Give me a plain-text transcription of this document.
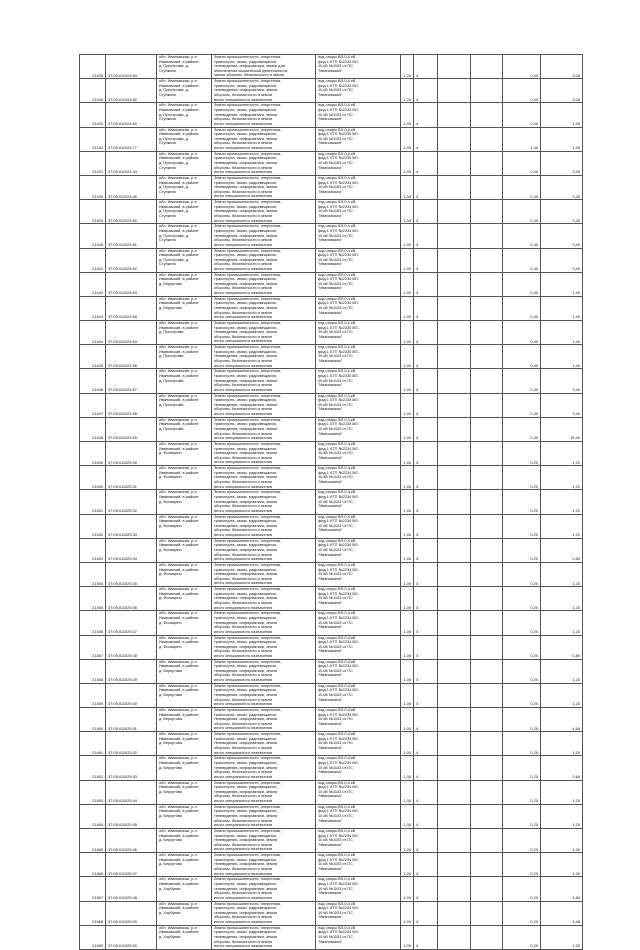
21435	37:05:011024:84	обл. Ивановская, р-н
Ивановский, в районе
д. Пристрома, д.
Ступкино	Земли промышленности, энергетики,
транспорта, связи, радиовещания,
телевидения, информатики, земли для
обеспечения космической деятельности,
земли обороны, безопасности и земли	под опоры ВЛ-0,4 кВ
фид.1 КТП №2234 ВЛ-
10 кВ №1103 от ПС
"Ивановская"	1,00	4			0,40	3,40
21434	37:05:011024:82	обл. Ивановская, р-н
Ивановский, в районе
д. Пристрома, д.
Ступкино	Земли промышленности, энергетики,
транспорта, связи, радиовещания,
телевидения, информатики, земли
обороны, безопасности и земли
иного специального назначения	под опоры ВЛ-0,4 кВ
фид.1 КТП №2234 ВЛ-
10 кВ №1103 от ПС
"Ивановская"	1,00	4			0,40	3,40
21433	37:05:011024:80	обл. Ивановская, р-н
Ивановский, в районе
д. Пристрома, д.
Ступкино	Земли промышленности, энергетики,
транспорта, связи, радиовещания,
телевидения, информатики, земли
обороны, безопасности и земли
иного специального назначения	под опоры ВЛ-0,4 кВ
фид.1 КТП №2234 ВЛ-
10 кВ №1103 от ПС
"Ивановская"	1,00	4			0,40	1,40
21432	37:05:011024:77	обл. Ивановская, р-н
Ивановский, в районе
д. Пристрома, д.
Ступкино	Земли промышленности, энергетики,
транспорта, связи, радиовещания,
телевидения, информатики, земли
обороны, безопасности и земли
иного специального назначения	под опоры ВЛ-0,4 кВ
фид.1 КТП №2234 ВЛ-
10 кВ №1103 от ПС
"Ивановская"	1,00	4			1,40	1,40
21431	37:05:011024:44	обл. Ивановская, р-н
Ивановский, в районе
д. Пристрома, д.
Ступкино	Земли промышленности, энергетики,
транспорта, связи, радиовещания,
телевидения, информатики, земли
обороны, безопасности и земли
иного специального назначения	под опоры ВЛ-0,4 кВ
фид.1 КТП №2234 ВЛ-
10 кВ №1103 от ПС
"Ивановская"	1,00	4			0,40	3,40
21430	37:05:011024:46	обл. Ивановская, р-н
Ивановский, в районе
д. Пристрома, д.
Ступкино	Земли промышленности, энергетики,
транспорта, связи, радиовещания,
телевидения, информатики, земли
обороны, безопасности и земли
иного специального назначения	под опоры ВЛ-0,4 кВ
фид.1 КТП №2234 ВЛ-
10 кВ №1103 от ПС
"Ивановская"	1,00	4			2,40	3,40
21429	37:05:011024:50	обл. Ивановская, р-н
Ивановский, в районе
д. Пристрома, д.
Ступкино	Земли промышленности, энергетики,
транспорта, связи, радиовещания,
телевидения, информатики, земли
обороны, безопасности и земли
иного специального назначения	под опоры ВЛ-0,4 кВ
фид.1 КТП №2234 ВЛ-
10 кВ №1103 от ПС
"Ивановская"	1,00	4			2,40	3,40
21440	37:05:011024:51	обл. Ивановская, р-н
Ивановский, в районе
д. Пристрома, д.
Ступкино	Земли промышленности, энергетики,
транспорта, связи, радиовещания,
телевидения, информатики, земли
обороны, безопасности и земли
иного специального назначения	под опоры ВЛ-0,4 кВ
фид.1 КТП №2234 ВЛ-
10 кВ №1103 от ПС
"Ивановская"	1,00	4			2,40	3,40
21441	37:05:011024:52	обл. Ивановская, р-н
Ивановский, в районе
д. Пристрома, д.
Ступкино	Земли промышленности, энергетики,
транспорта, связи, радиовещания,
телевидения, информатики, земли
обороны, безопасности и земли
иного специального назначения	под опоры ВЛ-0,4 кВ
фид.1 КТП №2234 ВЛ-
10 кВ №1103 от ПС
"Ивановская"	1,00	4			2,40	3,40
21442	37:05:011024:53	обл. Ивановская, р-н
Ивановский, в районе
д. Беркутово	Земли промышленности, энергетики,
транспорта, связи, радиовещания,
телевидения, информатики, земли
обороны, безопасности и земли
иного специального назначения	под опоры ВЛ-0,4 кВ
фид.1 КТП №2234 ВЛ-
10 кВ №1103 от ПС
"Ивановская"	1,00	4			0,40	1,40
21443	37:05:011024:58	обл. Ивановская, р-н
Ивановский, в районе
д. Беркутово	Земли промышленности, энергетики,
транспорта, связи, радиовещания,
телевидения, информатики, земли
обороны, безопасности и земли
иного специального назначения	под опоры ВЛ-0,4 кВ
фид.1 КТП №2234 ВЛ-
10 кВ №1103 от ПС
"Ивановская"	1,00	4			0,40	1,40
21444	37:05:011024:54	обл. Ивановская, р-н
Ивановский, в районе
д. Пристрома	Земли промышленности, энергетики,
транспорта, связи, радиовещания,
телевидения, информатики, земли
обороны, безопасности и земли
иного специального назначения	под опоры ВЛ-0,4 кВ
фид.1 КТП №2234 ВЛ-
10 кВ №1103 от ПС
"Ивановская"	1,00	4			0,40	1,40
21445	37:05:011024:56	обл. Ивановская, р-н
Ивановский, в районе
д. Пристрома	Земли промышленности, энергетики,
транспорта, связи, радиовещания,
телевидения, информатики, земли
обороны, безопасности и земли
иного специального назначения	под опоры ВЛ-0,4 кВ
фид.1 КТП №2234 ВЛ-
10 кВ №1103 от ПС
"Ивановская"	1,00	4			0,40	1,40
21446	37:05:011024:57	обл. Ивановская, р-н
Ивановский, в районе
д. Пристрома	Земли промышленности, энергетики,
транспорта, связи, радиовещания,
телевидения, информатики, земли
обороны, безопасности и земли
иного специального назначения	под опоры ВЛ-0,4 кВ
фид.1 КТП №2234 ВЛ-
10 кВ №1103 от ПС
"Ивановская"	1,00	4			2,40	3,40
21447	37:05:011024:58	обл. Ивановская, р-н
Ивановский, в районе
д. Пристрома	Земли промышленности, энергетики,
транспорта, связи, радиовещания,
телевидения, информатики, земли
обороны, безопасности и земли
иного специального назначения	под опоры ВЛ-0,4 кВ
фид.1 КТП №2234 ВЛ-
10 кВ №1103 от ПС
"Ивановская"	1,00	4			2,40	3,40
21448	37:05:011024:59	обл. Ивановская, р-н
Ивановский, в районе
д. Пристрома	Земли промышленности, энергетики,
транспорта, связи, радиовещания,
телевидения, информатики, земли
обороны, безопасности и земли
иного специального назначения	под опоры ВЛ-0,4 кВ
фид.1 КТП №2234 ВЛ-
10 кВ №1103 от ПС
"Ивановская"	1,00	4			2,40	15,40
21449	37:05:011025:30	обл. Ивановская, р-н
Ивановский, в районе
д. Филицино	Земли промышленности, энергетики,
транспорта, связи, радиовещания,
телевидения, информатики, земли
обороны, безопасности и земли
иного специального назначения	под опоры ВЛ-0,4 кВ
фид.1 КТП №2234 ВЛ-
10 кВ №1103 от ПС
"Ивановская"	1,00	4			0,20	1,20
21450	37:05:011025:31	обл. Ивановская, р-н
Ивановский, в районе
д. Филицино	Земли промышленности, энергетики,
транспорта, связи, радиовещания,
телевидения, информатики, земли
обороны, безопасности и земли
иного специального назначения	под опоры ВЛ-0,4 кВ
фид.1 КТП №2234 ВЛ-
10 кВ №1103 от ПС
"Ивановская"	1,00	4			0,20	1,20
21451	37:05:011025:32	обл. Ивановская, р-н
Ивановский, в районе
д. Филицино	Земли промышленности, энергетики,
транспорта, связи, радиовещания,
телевидения, информатики, земли
обороны, безопасности и земли
иного специального назначения	под опоры ВЛ-0,4 кВ
фид.1 КТП №2234 ВЛ-
10 кВ №1103 от ПС
"Ивановская"	1,00	4			0,20	1,20
21452	37:05:011025:33	обл. Ивановская, р-н
Ивановский, в районе
д. Филицино	Земли промышленности, энергетики,
транспорта, связи, радиовещания,
телевидения, информатики, земли
обороны, безопасности и земли
иного специального назначения	под опоры ВЛ-0,4 кВ
фид.1 КТП №2234 ВЛ-
10 кВ №1103 от ПС
"Ивановская"	1,00	4			0,20	1,20
21453	37:05:011025:34	обл. Ивановская, р-н
Ивановский, в районе
д. Филицино	Земли промышленности, энергетики,
транспорта, связи, радиовещания,
телевидения, информатики, земли
обороны, безопасности и земли
иного специального назначения	под опоры ВЛ-0,4 кВ
фид.1 КТП №2234 ВЛ-
10 кВ №1103 от ПС
"Ивановская"	1,00	4			0,20	0,84
21454	37:05:011025:35	обл. Ивановская, р-н
Ивановский, в районе
д. Филицино	Земли промышленности, энергетики,
транспорта, связи, радиовещания,
телевидения, информатики, земли
обороны, безопасности и земли
иного специального назначения	под опоры ВЛ-0,4 кВ
фид.1 КТП №2234 ВЛ-
10 кВ №1103 от ПС
"Ивановская"	1,00	4			0,20	1,20
21455	37:05:011025:36	обл. Ивановская, р-н
Ивановский, в районе
д. Филицино	Земли промышленности, энергетики,
транспорта, связи, радиовещания,
телевидения, информатики, земли
обороны, безопасности и земли
иного специального назначения	под опоры ВЛ-0,4 кВ
фид.1 КТП №2234 ВЛ-
10 кВ №1103 от ПС
"Ивановская"	1,00	4			0,20	1,20
21456	37:05:011025:37	обл. Ивановская, р-н
Ивановский, в районе
д. Филицино	Земли промышленности, энергетики,
транспорта, связи, радиовещания,
телевидения, информатики, земли
обороны, безопасности и земли
иного специального назначения	под опоры ВЛ-0,4 кВ
фид.1 КТП №2234 ВЛ-
10 кВ №1103 от ПС
"Ивановская"	1,00	4			0,20	1,20
21457	37:05:011025:38	обл. Ивановская, р-н
Ивановский, в районе
д. Филицино	Земли промышленности, энергетики,
транспорта, связи, радиовещания,
телевидения, информатики, земли
обороны, безопасности и земли
иного специального назначения	под опоры ВЛ-0,4 кВ
фид.1 КТП №2234 ВЛ-
10 кВ №1103 от ПС
"Ивановская"	1,00	4			0,20	0,80
21458	37:05:011025:39	обл. Ивановская, р-н
Ивановский, в районе
д. Беркутово	Земли промышленности, энергетики,
транспорта, связи, радиовещания,
телевидения, информатики, земли
обороны, безопасности и земли
иного специального назначения	под опоры ВЛ-0,4 кВ
фид.1 КТП №2234 ВЛ-
10 кВ №1103 от ПС
"Ивановская"	1,00	4			0,20	1,20
21459	37:05:011025:40	обл. Ивановская, р-н
Ивановский, в районе
д. Беркутово	Земли промышленности, энергетики,
транспорта, связи, радиовещания,
телевидения, информатики, земли
обороны, безопасности и земли
иного специального назначения	под опоры ВЛ-0,4 кВ
фид.1 КТП №2234 ВЛ-
10 кВ №1103 от ПС
"Ивановская"	1,00	4			0,20	1,20
21460	37:05:011025:41	обл. Ивановская, р-н
Ивановский, в районе
д. Беркутово	Земли промышленности, энергетики,
транспорта, связи, радиовещания,
телевидения, информатики, земли
обороны, безопасности и земли
иного специального назначения	под опоры ВЛ-0,4 кВ
фид.1 КТП №2234 ВЛ-
10 кВ №1103 от ПС
"Ивановская"	1,00	4			0,20	4,64
21461	37:05:011025:42	обл. Ивановская, р-н
Ивановский, в районе
д. Беркутово	Земли промышленности, энергетики,
транспорта, связи, радиовещания,
телевидения, информатики, земли
обороны, безопасности и земли
иного специального назначения	под опоры ВЛ-0,4 кВ
фид.1 КТП №2234 ВЛ-
10 кВ №1103 от ПС
"Ивановская"	1,00	4			0,20	1,20
21462	37:05:011025:43	обл. Ивановская, р-н
Ивановский, в районе
д. Беркутово	Земли промышленности, энергетики,
транспорта, связи, радиовещания,
телевидения, информатики, земли
обороны, безопасности и земли
иного специального назначения	под опоры ВЛ-0,4 кВ
фид.1 КТП №2234 ВЛ-
10 кВ №1103 от ПС
"Ивановская"	1,00	4			0,20	0,84
21463	37:05:011025:44	обл. Ивановская, р-н
Ивановский, в районе
д. Беркутово	Земли промышленности, энергетики,
транспорта, связи, радиовещания,
телевидения, информатики, земли
обороны, безопасности и земли
иного специального назначения	под опоры ВЛ-0,4 кВ
фид.1 КТП №2234 ВЛ-
10 кВ №1103 от ПС
"Ивановская"	1,00	4			0,20	1,20
21464	37:05:011025:45	обл. Ивановская, р-н
Ивановский, в районе
д. Беркутово	Земли промышленности, энергетики,
транспорта, связи, радиовещания,
телевидения, информатики, земли
обороны, безопасности и земли
иного специального назначения	под опоры ВЛ-0,4 кВ
фид.1 КТП №2234 ВЛ-
10 кВ №1103 от ПС
"Ивановская"	1,00	4			0,20	1,20
21465	37:05:011025:46	обл. Ивановская, р-н
Ивановский, в районе
д. Беркутово	Земли промышленности, энергетики,
транспорта, связи, радиовещания,
телевидения, информатики, земли
обороны, безопасности и земли
иного специального назначения	под опоры ВЛ-0,4 кВ
фид.1 КТП №2234 ВЛ-
10 кВ №1103 от ПС
"Ивановская"	1,00	4			0,20	1,20
21466	37:05:011025:47	обл. Ивановская, р-н
Ивановский, в районе
д. Беркутово	Земли промышленности, энергетики,
транспорта, связи, радиовещания,
телевидения, информатики, земли
обороны, безопасности и земли
иного специального назначения	под опоры ВЛ-0,4 кВ
фид.1 КТП №2234 ВЛ-
10 кВ №1103 от ПС
"Ивановская"	1,00	4			0,20	1,20
21467	37:05:011025:48	обл. Ивановская, р-н
Ивановский, в районе
д. Хорбуево	Земли промышленности, энергетики,
транспорта, связи, радиовещания,
телевидения, информатики, земли
обороны, безопасности и земли
иного специального назначения	под опоры ВЛ-0,4 кВ
фид.1 КТП №2234 ВЛ-
10 кВ №1103 от ПС
"Ивановская"	1,00	4			0,20	4,84
21468	37:05:011025:49	обл. Ивановская, р-н
Ивановский, в районе
д. Хорбуево	Земли промышленности, энергетики,
транспорта, связи, радиовещания,
телевидения, информатики, земли
обороны, безопасности и земли
иного специального назначения	под опоры ВЛ-0,4 кВ
фид.1 КТП №2234 ВЛ-
10 кВ №1103 от ПС
"Ивановская"	1,00	4			0,20	4,48
21469	37:05:011025:50	обл. Ивановская, р-н
Ивановский, в районе
д. Хорбуево	Земли промышленности, энергетики,
транспорта, связи, радиовещания,
телевидения, информатики, земли
обороны, безопасности и земли
иного специального назначения	под опоры ВЛ-0,4 кВ
фид.1 КТП №2234 ВЛ-
10 кВ №1103 от ПС
"Ивановская"	1,00	4			0,20	1,20
